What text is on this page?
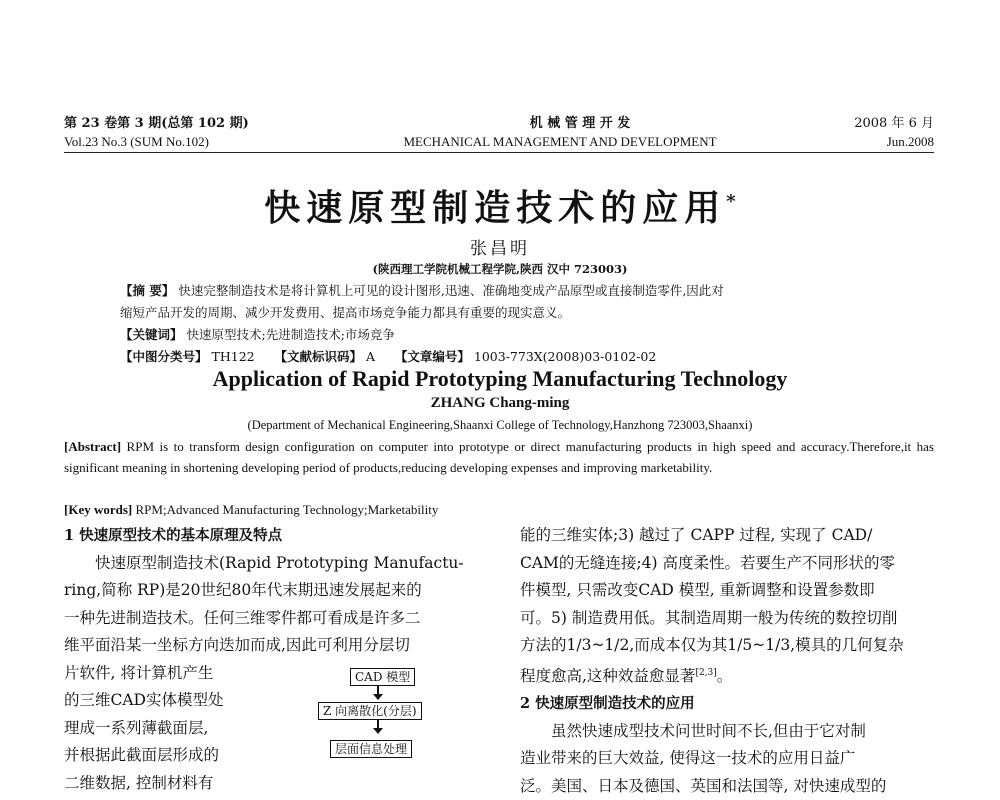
第 23 卷第 3 期(总第 102 期)
Vol.23 No.3 (SUM No.102)
机 械 管 理 开 发
MECHANICAL MANAGEMENT AND DEVELOPMENT
2008 年 6 月
Jun.2008
快速原型制造技术的应用*
张昌明
(陕西理工学院机械工程学院,陕西 汉中 723003)
【摘 要】 快速完整制造技术是将计算机上可见的设计图形,迅速、准确地变成产品原型或直接制造零件,因此对
缩短产品开发的周期、减少开发费用、提高市场竞争能力都具有重要的现实意义。
【关键词】 快速原型技术;先进制造技术;市场竞争
【中图分类号】 TH122 【文献标识码】 A 【文章编号】 1003-773X(2008)03-0102-02
Application of Rapid Prototyping Manufacturing Technology
ZHANG Chang-ming
(Department of Mechanical Engineering,Shaanxi College of Technology,Hanzhong 723003,Shaanxi)
[Abstract] RPM is to transform design configuration on computer into prototype or direct manufacturing products in high speed and accuracy.Therefore,it has significant meaning in shortening developing period of products,reducing developing expenses and improving marketability.
[Key words] RPM;Advanced Manufacturing Technology;Marketability

1 快速原型技术的基本原理及特点

快速原型制造技术(Rapid Prototyping Manufactu-

ring,简称 RP)是20世纪80年代末期迅速发展起来的

一种先进制造技术。任何三维零件都可看成是许多二

维平面沿某一坐标方向迭加而成,因此可利用分层切

片软件, 将计算机产生

的三维CAD实体模型处

理成一系列薄截面层,

并根据此截面层形成的

二维数据, 控制材料有

CAD 模型
Z 向离散化(分层)
层面信息处理

能的三维实体;3) 越过了 CAPP 过程, 实现了 CAD/

CAM的无缝连接;4) 高度柔性。若要生产不同形状的零

件模型, 只需改变CAD 模型, 重新调整和设置参数即

可。5) 制造费用低。其制造周期一般为传统的数控切削

方法的1/3~1/2,而成本仅为其1/5~1/3,模具的几何复杂

程度愈高,这种效益愈显著[2,3]。

2 快速原型制造技术的应用

虽然快速成型技术问世时间不长,但由于它对制

造业带来的巨大效益, 使得这一技术的应用日益广

泛。美国、日本及德国、英国和法国等, 对快速成型的
